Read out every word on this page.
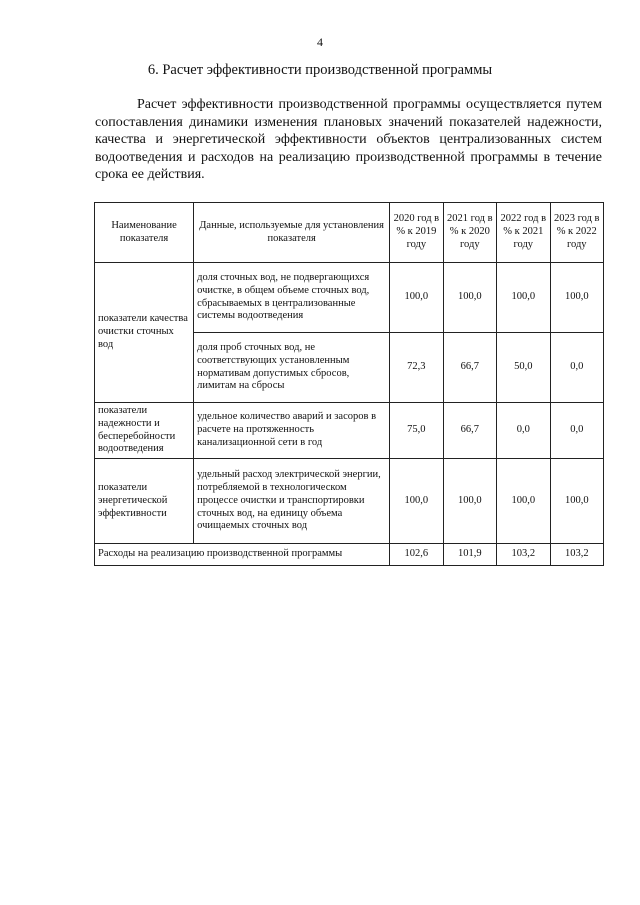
4
6. Расчет эффективности производственной программы

Расчет эффективности производственной программы осуществляется путем сопоставления динамики изменения плановых значений показателей надежности, качества и энергетической эффективности объектов централизованных систем водоотведения и расходов на реализацию производственной программы в течение срока ее действия.

Наименование показателя	Данные, используемые для установления показателя	2020 год в % к 2019 году	2021 год в % к 2020 году	2022 год в % к 2021 году	2023 год в % к 2022 году
показатели качества очистки сточных вод	доля сточных вод, не подвергающихся очистке, в общем объеме сточных вод, сбрасываемых в централизованные системы водоотведения	100,0	100,0	100,0	100,0
	доля проб сточных вод, не соответствующих установленным нормативам допустимых сбросов, лимитам на сбросы	72,3	66,7	50,0	0,0
показатели надежности и бесперебойности водоотведения	удельное количество аварий и засоров в расчете на протяженность канализационной сети в год	75,0	66,7	0,0	0,0
показатели энергетической эффективности	удельный расход электрической энергии, потребляемой в технологическом процессе очистки и транспортировки сточных вод, на единицу объема очищаемых сточных вод	100,0	100,0	100,0	100,0
Расходы на реализацию производственной программы		102,6	101,9	103,2	103,2
